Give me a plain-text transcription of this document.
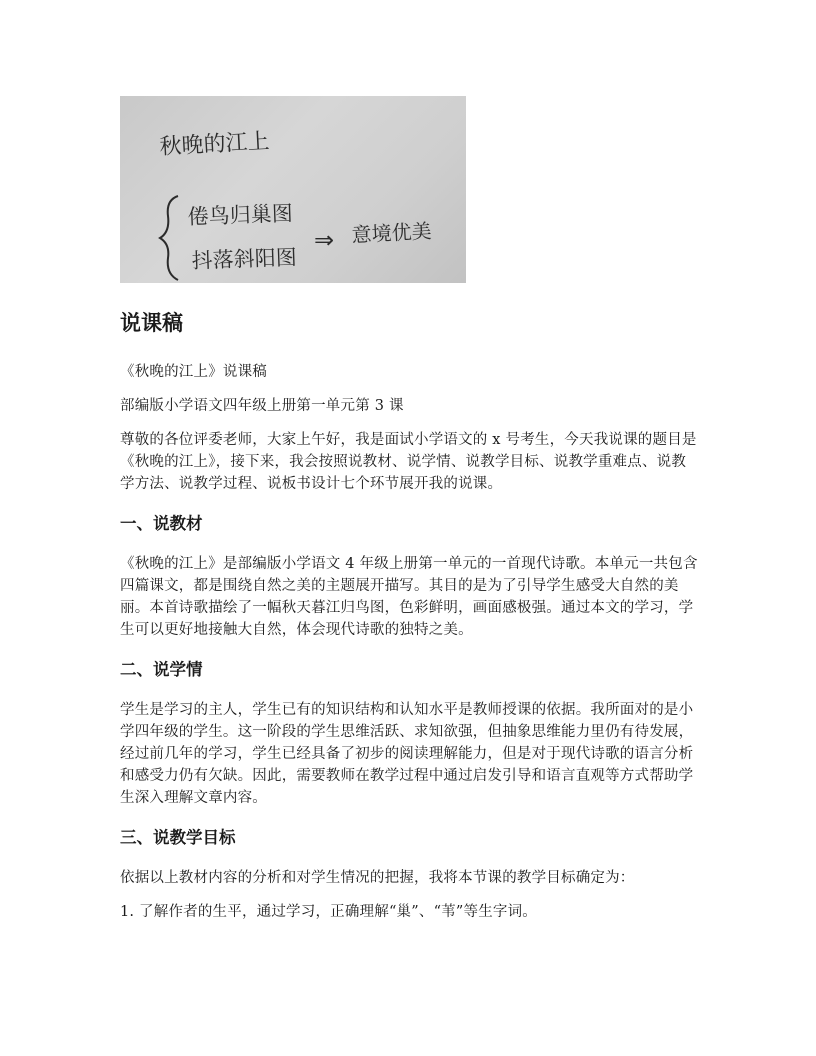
秋晚的江上
倦鸟归巢图
抖落斜阳图
⇒ 意境优美
说课稿

《秋晚的江上》说课稿

部编版小学语文四年级上册第一单元第 3 课

尊敬的各位评委老师，大家上午好，我是面试小学语文的 x 号考生，今天我说课的题目是 《秋晚的江上》，接下来，我会按照说教材、说学情、说教学目标、说教学重难点、说教学方法、说教学过程、说板书设计七个环节展开我的说课。

一、说教材

《秋晚的江上》是部编版小学语文 4 年级上册第一单元的一首现代诗歌。本单元一共包含四篇课文，都是围绕自然之美的主题展开描写。其目的是为了引导学生感受大自然的美丽。本首诗歌描绘了一幅秋天暮江归鸟图，色彩鲜明，画面感极强。通过本文的学习，学生可以更好地接触大自然，体会现代诗歌的独特之美。

二、说学情

学生是学习的主人，学生已有的知识结构和认知水平是教师授课的依据。我所面对的是小学四年级的学生。这一阶段的学生思维活跃、求知欲强，但抽象思维能力里仍有待发展，经过前几年的学习，学生已经具备了初步的阅读理解能力，但是对于现代诗歌的语言分析和感受力仍有欠缺。因此，需要教师在教学过程中通过启发引导和语言直观等方式帮助学生深入理解文章内容。

三、说教学目标

依据以上教材内容的分析和对学生情况的把握，我将本节课的教学目标确定为：

1. 了解作者的生平，通过学习，正确理解“巢”、“苇”等生字词。
